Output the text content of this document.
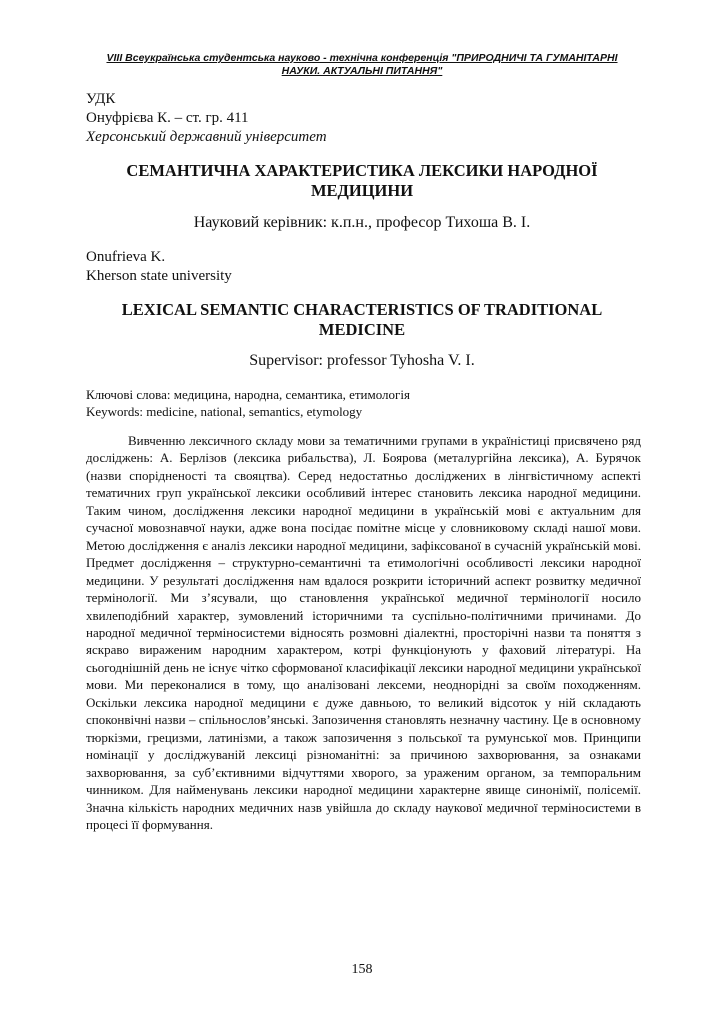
VIII Всеукраїнська студентська науково - технічна конференція "ПРИРОДНИЧІ ТА ГУМАНІТАРНІ НАУКИ. АКТУАЛЬНІ ПИТАННЯ"
УДК
Онуфрієва К. – ст. гр. 411
Херсонський державний університет
СЕМАНТИЧНА ХАРАКТЕРИСТИКА ЛЕКСИКИ НАРОДНОЇ МЕДИЦИНИ
Науковий керівник: к.п.н., професор Тихоша В. І.
Onufrieva K.
Kherson state university
LEXICAL SEMANTIC CHARACTERISTICS OF TRADITIONAL MEDICINE
Supervisor: professor Tyhosha V. I.
Ключові слова: медицина, народна, семантика, етимологія
Keywords: medicine, national, semantics, etymology

Вивченню лексичного складу мови за тематичними групами в україністиці присвячено ряд досліджень: А. Берлізов (лексика рибальства), Л. Боярова (металургійна лексика), А. Бурячок (назви спорідненості та свояцтва). Серед недостатньо досліджених в лінгвістичному аспекті тематичних груп української лексики особливий інтерес становить лексика народної медицини. Таким чином, дослідження лексики народної медицини в українській мові є актуальним для сучасної мовознавчої науки, адже вона посідає помітне місце у словниковому складі нашої мови. Метою дослідження є аналіз лексики народної медицини, зафіксованої в сучасній українській мові. Предмет дослідження – структурно-семантичні та етимологічні особливості лексики народної медицини. У результаті дослідження нам вдалося розкрити історичний аспект розвитку медичної термінології. Ми з’ясували, що становлення української медичної термінології носило хвилеподібний характер, зумовлений історичними та суспільно-політичними причинами. До народної медичної терміносистеми відносять розмовні діалектні, просторічні назви та поняття з яскраво вираженим народним характером, котрі функціонують у фаховий літературі. На сьогоднішній день не існує чітко сформованої класифікації лексики народної медицини української мови. Ми переконалися в тому, що аналізовані лексеми, неоднорідні за своїм походженням. Оскільки лексика народної медицини є дуже давньою, то великий відсоток у ній складають споконвічні назви – спільнослов’янські. Запозичення становлять незначну частину. Це в основному тюркізми, грецизми, латинізми, а також запозичення з польської та румунської мов. Принципи номінації у досліджуваній лексиці різноманітні: за причиною захворювання, за ознаками захворювання, за суб’єктивними відчуттями хворого, за ураженим органом, за темпоральним чинником. Для найменувань лексики народної медицини характерне явище синонімії, полісемії. Значна кількість народних медичних назв увійшла до складу наукової медичної терміносистеми в процесі її формування.

158
